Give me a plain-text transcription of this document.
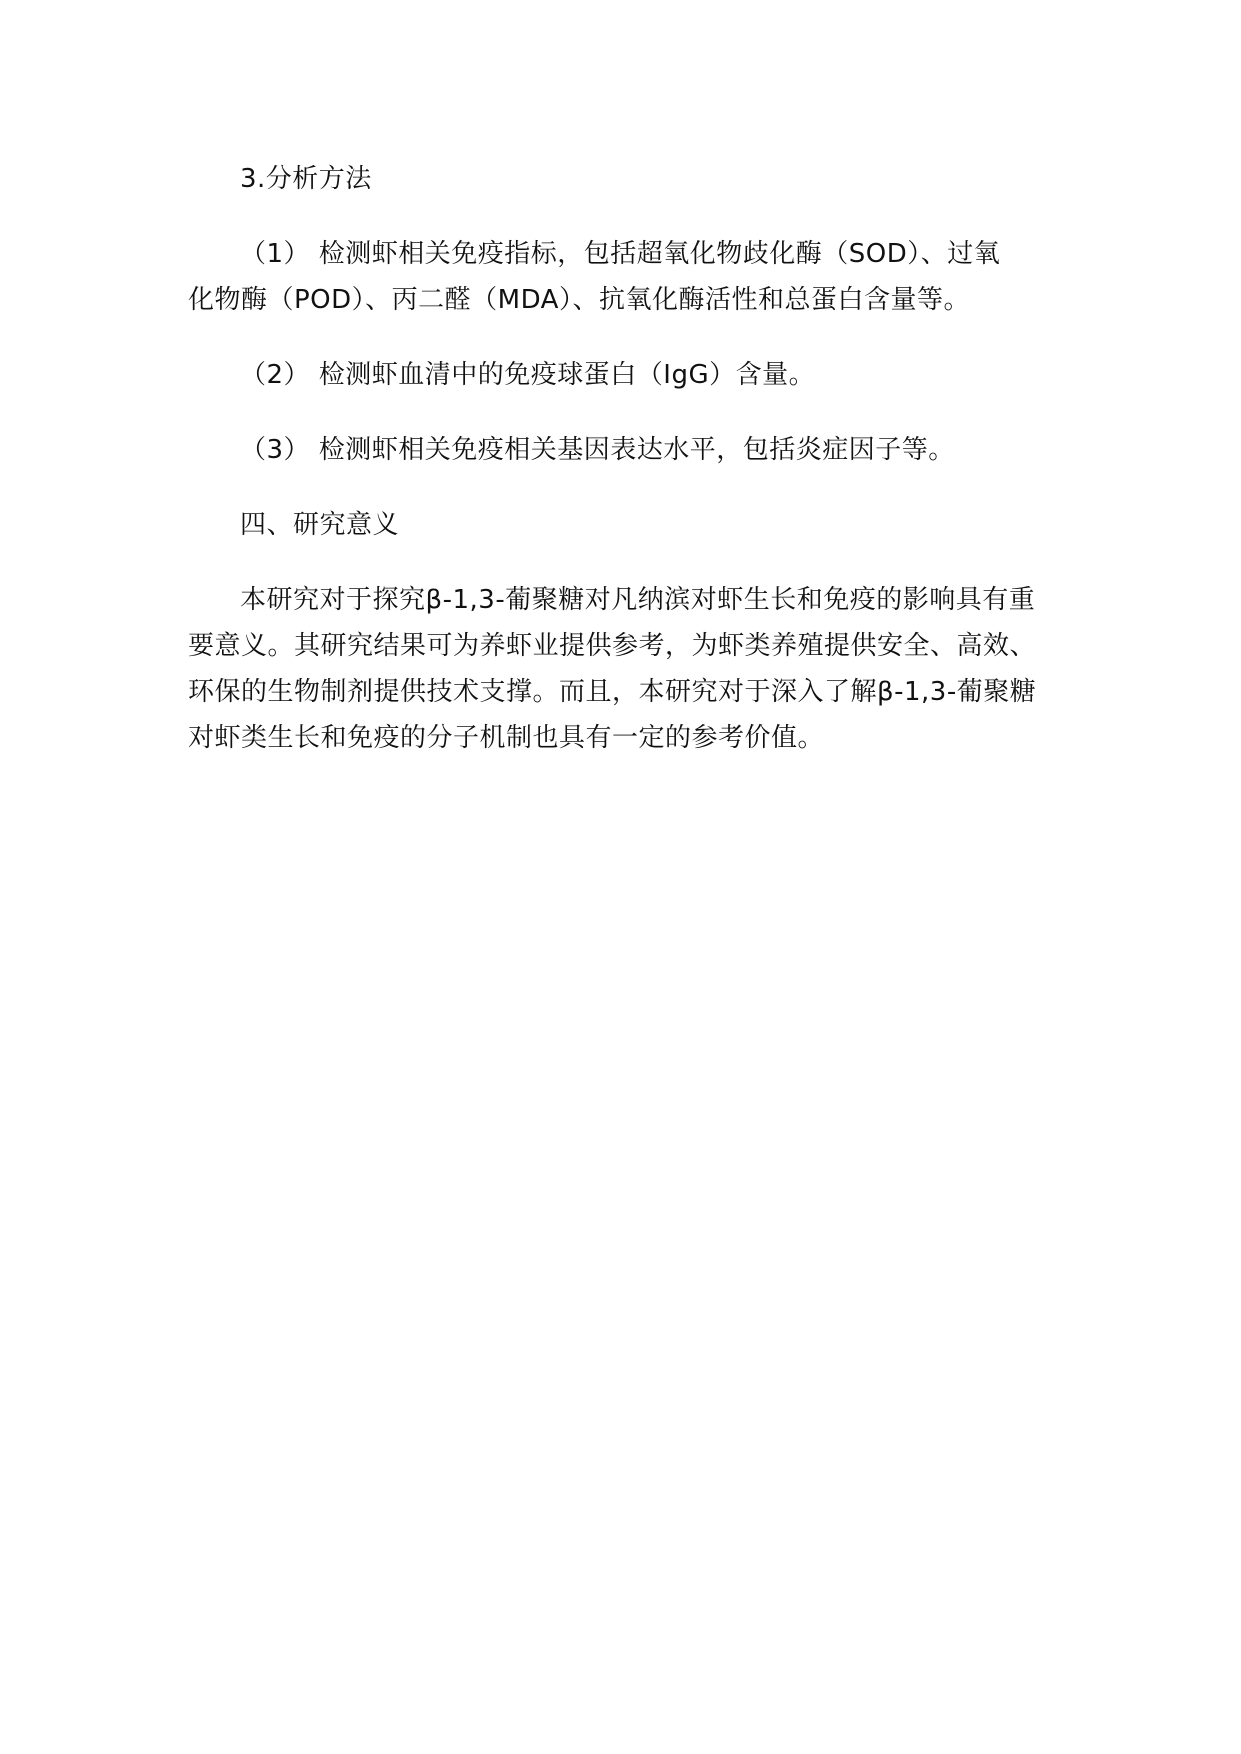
3.分析方法

（1） 检测虾相关免疫指标，包括超氧化物歧化酶（SOD）、过氧
化物酶（POD）、丙二醛（MDA）、抗氧化酶活性和总蛋白含量等。

（2） 检测虾血清中的免疫球蛋白（IgG）含量。

（3） 检测虾相关免疫相关基因表达水平，包括炎症因子等。

四、研究意义

本研究对于探究β-1,3-葡聚糖对凡纳滨对虾生长和免疫的影响具有重
要意义。其研究结果可为养虾业提供参考，为虾类养殖提供安全、高效、
环保的生物制剂提供技术支撑。而且，本研究对于深入了解β-1,3-葡聚糖
对虾类生长和免疫的分子机制也具有一定的参考价值。
